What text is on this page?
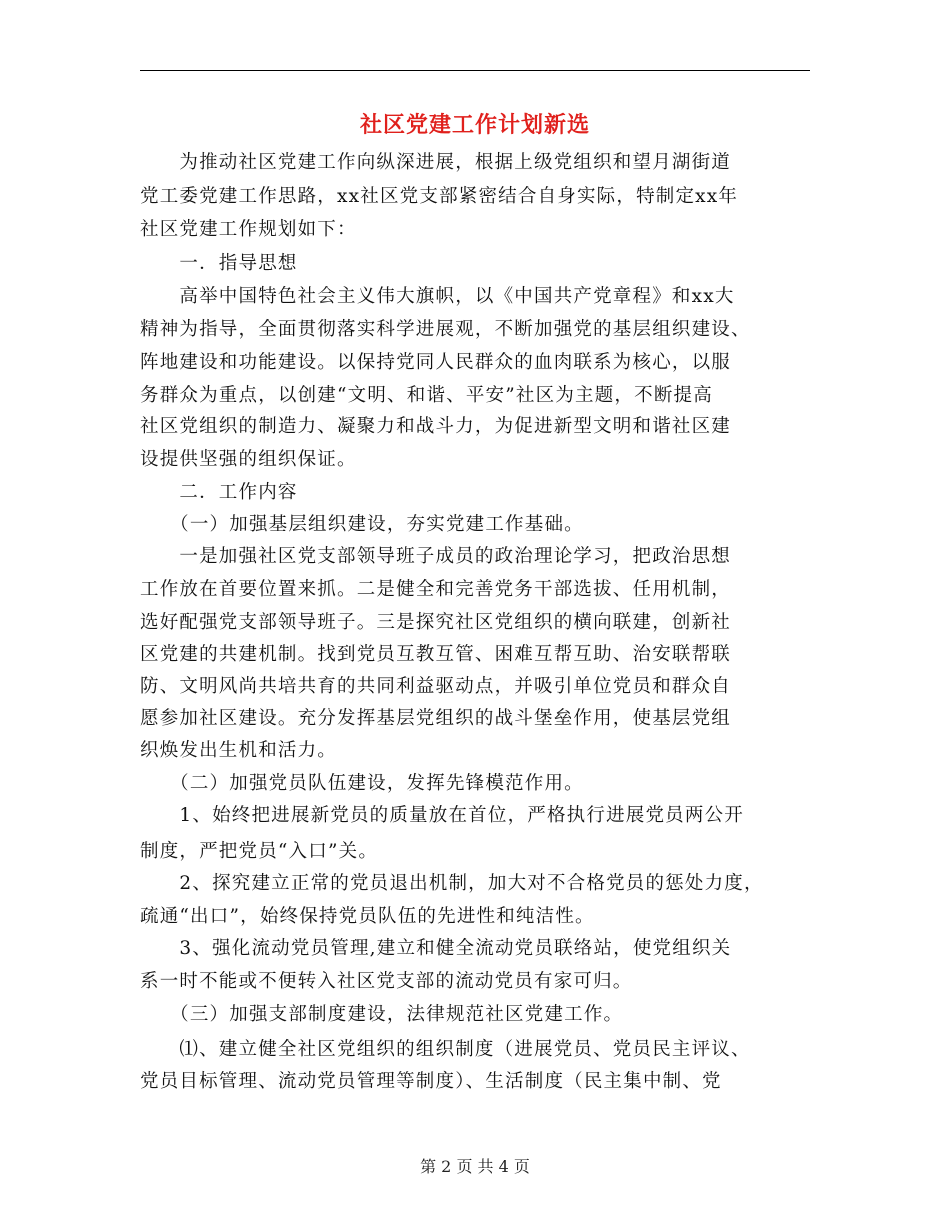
社区党建工作计划新选
　　为推动社区党建工作向纵深进展，根据上级党组织和望月湖街道
党工委党建工作思路，xx社区党支部紧密结合自身实际，特制定xx年
社区党建工作规划如下：
　　一．指导思想
　　高举中国特色社会主义伟大旗帜，以《中国共产党章程》和xx大
精神为指导，全面贯彻落实科学进展观，不断加强党的基层组织建设、
阵地建设和功能建设。以保持党同人民群众的血肉联系为核心，以服
务群众为重点，以创建“文明、和谐、平安”社区为主题，不断提高
社区党组织的制造力、凝聚力和战斗力，为促进新型文明和谐社区建
设提供坚强的组织保证。
　　二．工作内容
　　（一）加强基层组织建设，夯实党建工作基础。
　　一是加强社区党支部领导班子成员的政治理论学习，把政治思想
工作放在首要位置来抓。二是健全和完善党务干部选拔、任用机制，
选好配强党支部领导班子。三是探究社区党组织的横向联建，创新社
区党建的共建机制。找到党员互教互管、困难互帮互助、治安联帮联
防、文明风尚共培共育的共同利益驱动点，并吸引单位党员和群众自
愿参加社区建设。充分发挥基层党组织的战斗堡垒作用，使基层党组
织焕发出生机和活力。
　　（二）加强党员队伍建设，发挥先锋模范作用。
　　1、始终把进展新党员的质量放在首位，严格执行进展党员两公开
制度，严把党员“入口”关。
　　2、探究建立正常的党员退出机制，加大对不合格党员的惩处力度，
疏通“出口”，始终保持党员队伍的先进性和纯洁性。
　　3、强化流动党员管理,建立和健全流动党员联络站，使党组织关
系一时不能或不便转入社区党支部的流动党员有家可归。
　　（三）加强支部制度建设，法律规范社区党建工作。
　　⑴、建立健全社区党组织的组织制度（进展党员、党员民主评议、
党员目标管理、流动党员管理等制度）、生活制度（民主集中制、党
第 2 页 共 4 页
